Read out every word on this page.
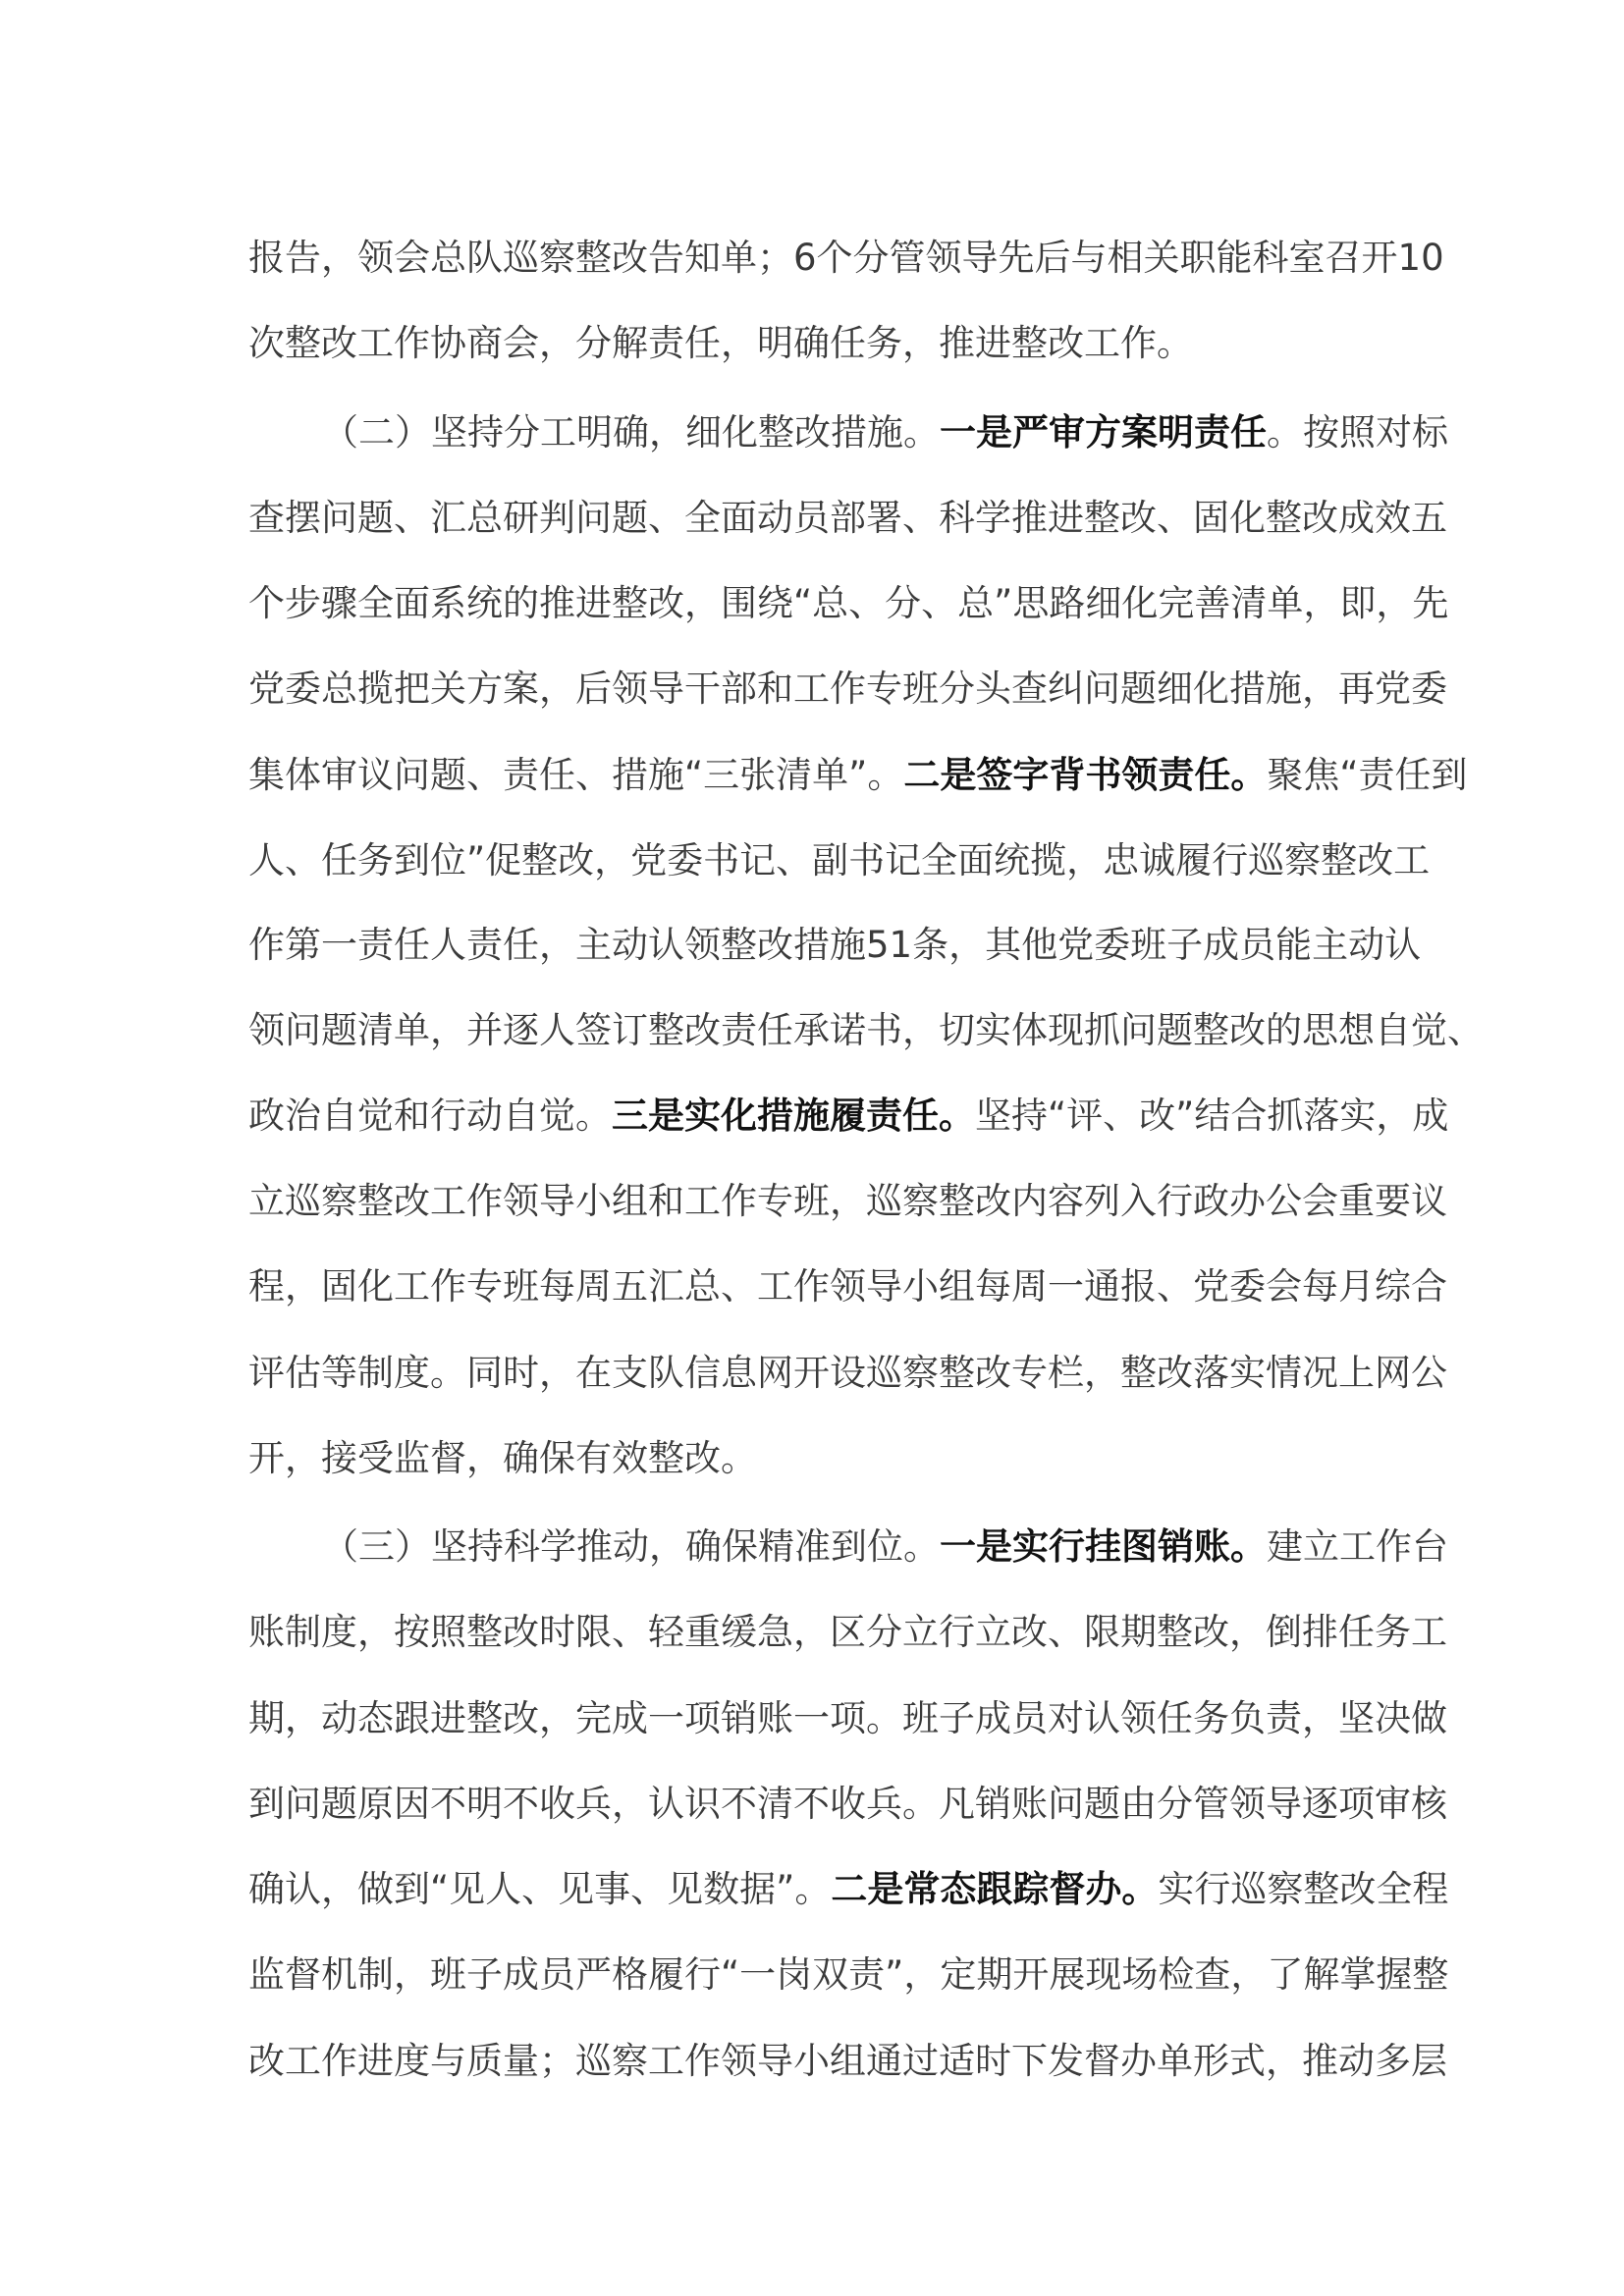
报告，领会总队巡察整改告知单；6个分管领导先后与相关职能科室召开10
次整改工作协商会，分解责任，明确任务，推进整改工作。
（二）坚持分工明确，细化整改措施。一是严审方案明责任。按照对标
查摆问题、汇总研判问题、全面动员部署、科学推进整改、固化整改成效五
个步骤全面系统的推进整改，围绕“总、分、总”思路细化完善清单，即，先
党委总揽把关方案，后领导干部和工作专班分头查纠问题细化措施，再党委
集体审议问题、责任、措施“三张清单”。二是签字背书领责任。聚焦“责任到
人、任务到位”促整改，党委书记、副书记全面统揽，忠诚履行巡察整改工
作第一责任人责任，主动认领整改措施51条，其他党委班子成员能主动认
领问题清单，并逐人签订整改责任承诺书，切实体现抓问题整改的思想自觉、
政治自觉和行动自觉。三是实化措施履责任。坚持“评、改”结合抓落实，成
立巡察整改工作领导小组和工作专班，巡察整改内容列入行政办公会重要议
程，固化工作专班每周五汇总、工作领导小组每周一通报、党委会每月综合
评估等制度。同时，在支队信息网开设巡察整改专栏，整改落实情况上网公
开，接受监督，确保有效整改。
（三）坚持科学推动，确保精准到位。一是实行挂图销账。建立工作台
账制度，按照整改时限、轻重缓急，区分立行立改、限期整改，倒排任务工
期，动态跟进整改，完成一项销账一项。班子成员对认领任务负责，坚决做
到问题原因不明不收兵，认识不清不收兵。凡销账问题由分管领导逐项审核
确认，做到“见人、见事、见数据”。二是常态跟踪督办。实行巡察整改全程
监督机制，班子成员严格履行“一岗双责”，定期开展现场检查，了解掌握整
改工作进度与质量；巡察工作领导小组通过适时下发督办单形式，推动多层
